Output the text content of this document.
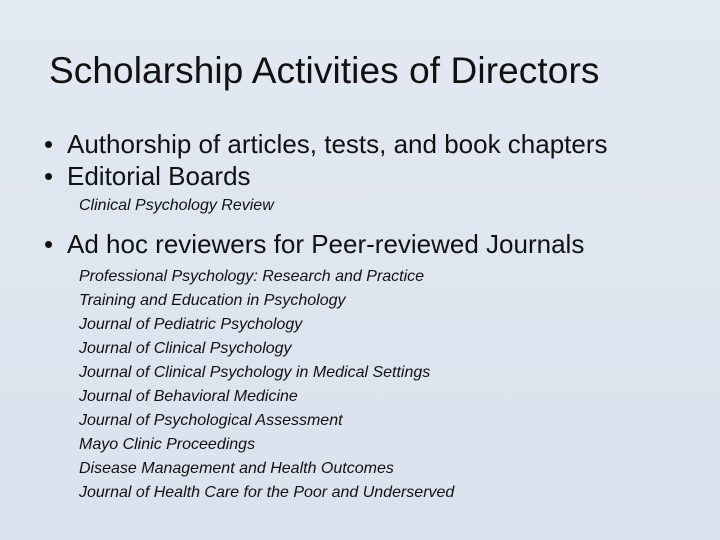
Scholarship Activities of Directors
• Authorship of articles, tests, and book chapters
• Editorial Boards
Clinical Psychology Review
• Ad hoc reviewers for Peer-reviewed Journals
Professional Psychology: Research and Practice
Training and Education in Psychology
Journal of Pediatric Psychology
Journal of Clinical Psychology
Journal of Clinical Psychology in Medical Settings
Journal of Behavioral Medicine
Journal of Psychological Assessment
Mayo Clinic Proceedings
Disease Management and Health Outcomes
Journal of Health Care for the Poor and Underserved
